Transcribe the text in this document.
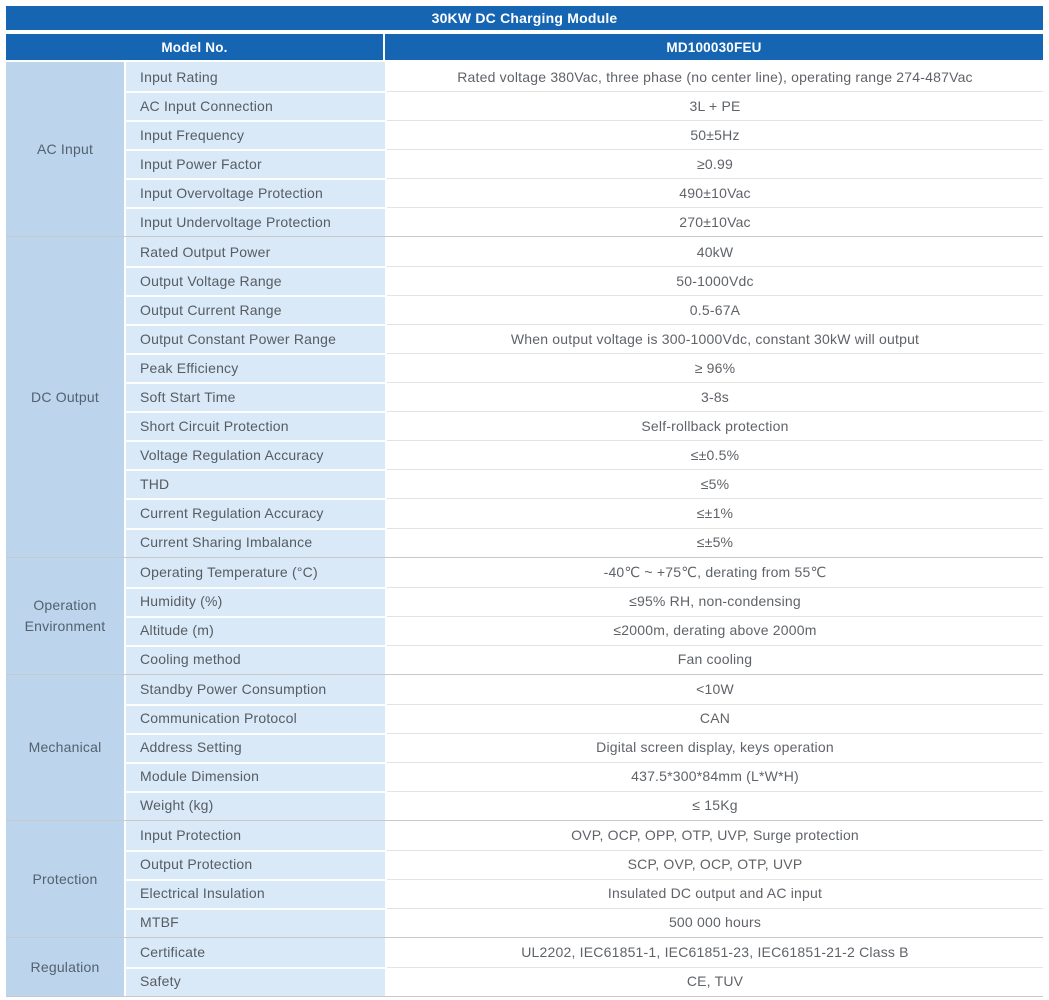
30KW DC Charging Module
Model No.	MD100030FEU
AC Input
Input Rating	Rated voltage 380Vac, three phase (no center line), operating range 274-487Vac
AC Input Connection	3L + PE
Input Frequency	50±5Hz
Input Power Factor	≥0.99
Input Overvoltage Protection	490±10Vac
Input Undervoltage Protection	270±10Vac
DC Output
Rated Output Power	40kW
Output Voltage Range	50-1000Vdc
Output Current Range	0.5-67A
Output Constant Power Range	When output voltage is 300-1000Vdc, constant 30kW will output
Peak Efficiency	≥ 96%
Soft Start Time	3-8s
Short Circuit Protection	Self-rollback protection
Voltage Regulation Accuracy	≤±0.5%
THD	≤5%
Current Regulation Accuracy	≤±1%
Current Sharing Imbalance	≤±5%
Operation Environment
Operating Temperature (°C)	-40℃ ~ +75℃, derating from 55℃
Humidity (%)	≤95% RH, non-condensing
Altitude (m)	≤2000m, derating above 2000m
Cooling method	Fan cooling
Mechanical
Standby Power Consumption	<10W
Communication Protocol	CAN
Address Setting	Digital screen display, keys operation
Module Dimension	437.5*300*84mm (L*W*H)
Weight (kg)	≤ 15Kg
Protection
Input Protection	OVP, OCP, OPP, OTP, UVP, Surge protection
Output Protection	SCP, OVP, OCP, OTP, UVP
Electrical Insulation	Insulated DC output and AC input
MTBF	500 000 hours
Regulation
Certificate	UL2202, IEC61851-1, IEC61851-23, IEC61851-21-2 Class B
Safety	CE, TUV
